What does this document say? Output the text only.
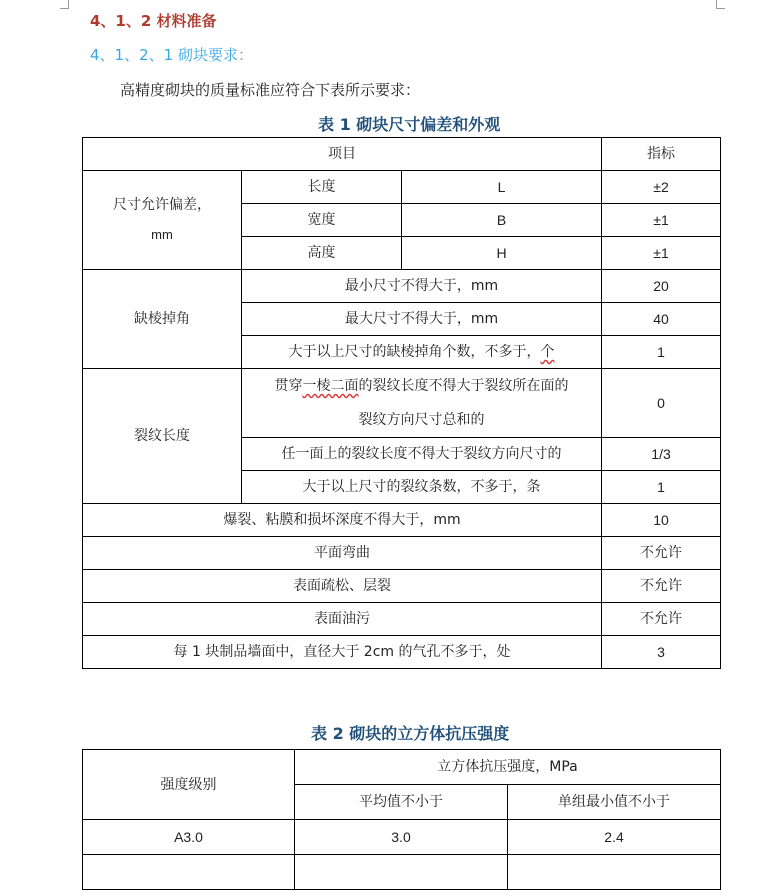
4、1、2 材料准备
4、1、2、1 砌块要求：
高精度砌块的质量标准应符合下表所示要求：
表 1 砌块尺寸偏差和外观
项目			指标

尺寸允许偏差，
mm	长度	L	±2
	宽度	B	±1
	高度	H	±1
缺棱掉角	最小尺寸不得大于，mm		20
	最大尺寸不得大于，mm		40
	大于以上尺寸的缺棱掉角个数，不多于，个		1
裂纹长度	贯穿一棱二面的裂纹长度不得大于裂纹所在面的
裂纹方向尺寸总和的		0
	任一面上的裂纹长度不得大于裂纹方向尺寸的		1/3
	大于以上尺寸的裂纹条数，不多于，条		1
爆裂、粘膜和损坏深度不得大于，mm			10
平面弯曲			不允许
表面疏松、层裂			不允许
表面油污			不允许
每 1 块制品墙面中，直径大于 2cm 的气孔不多于，处			3
表 2 砌块的立方体抗压强度
强度级别	立方体抗压强度，MPa	
	平均值不小于	单组最小值不小于
A3.0	3.0	2.4
